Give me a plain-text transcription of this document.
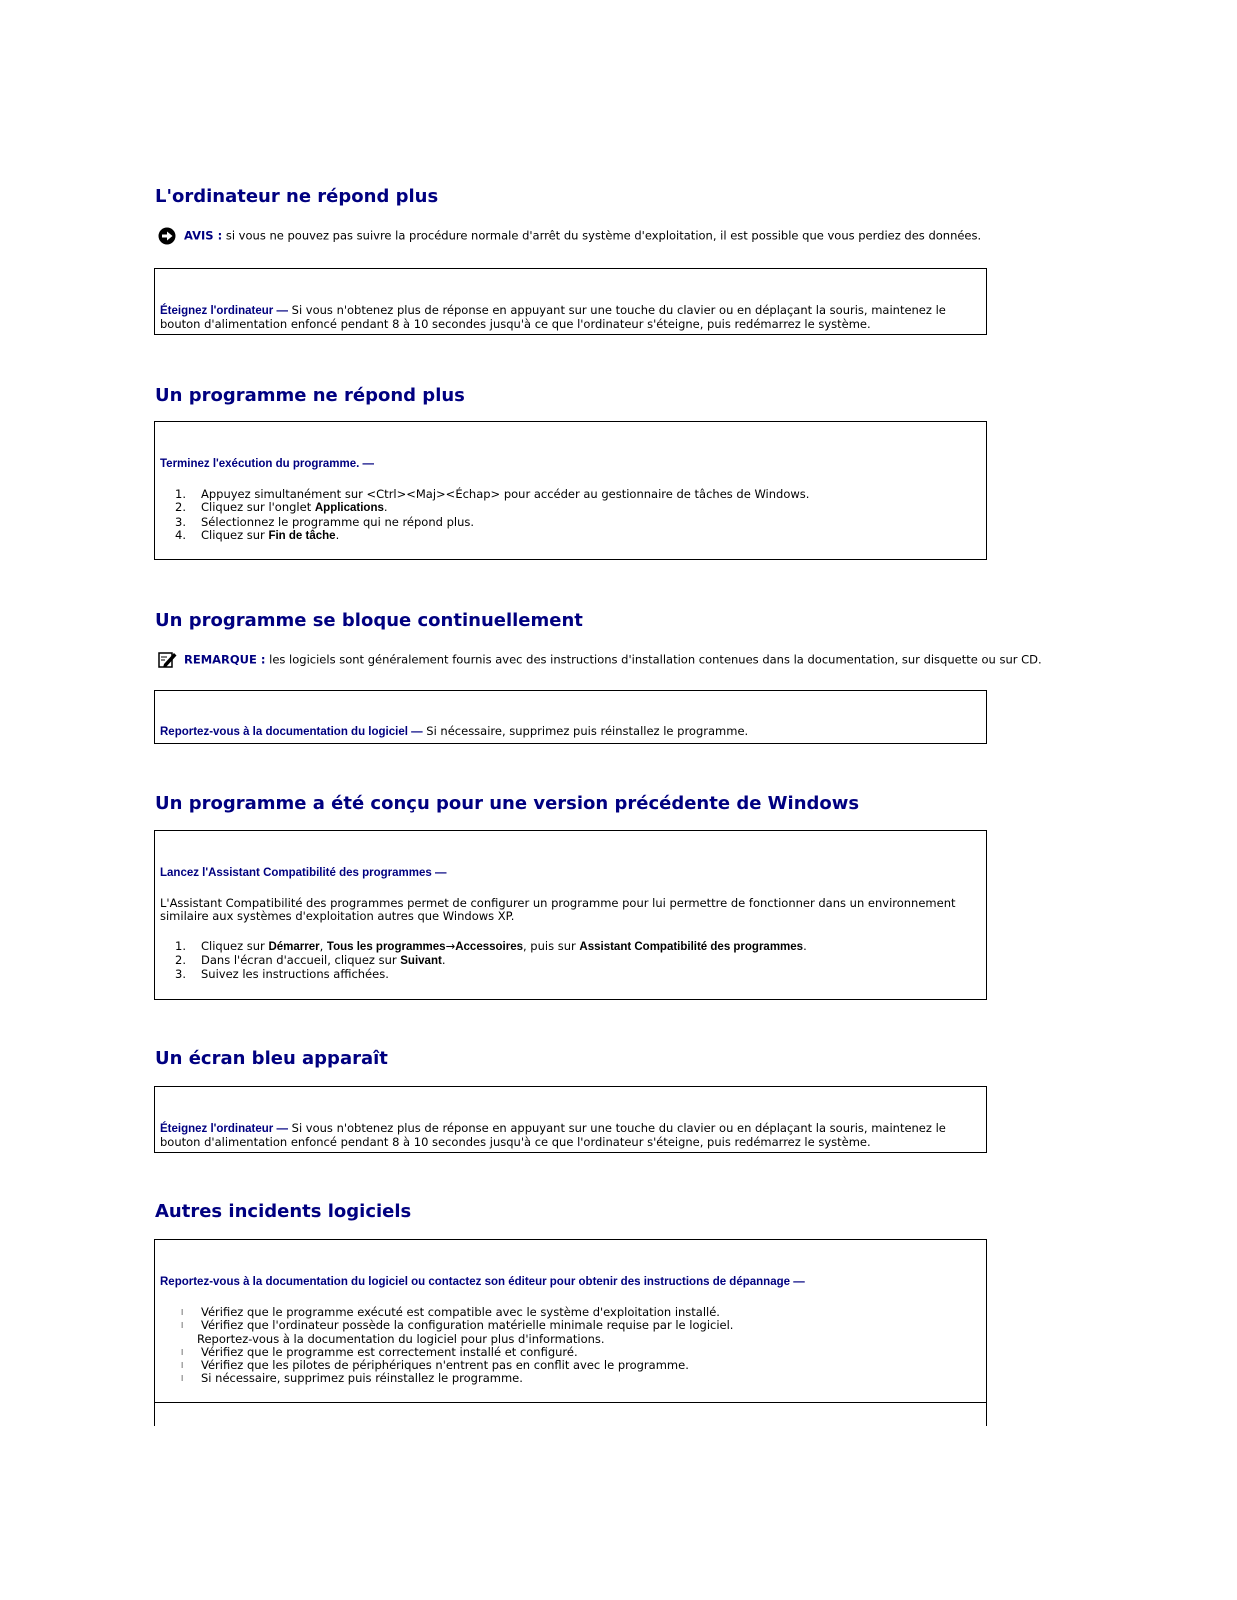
L'ordinateur ne répond plus

AVIS : si vous ne pouvez pas suivre la procédure normale d'arrêt du système d'exploitation, il est possible que vous perdiez des données.

Éteignez l'ordinateur — Si vous n'obtenez plus de réponse en appuyant sur une touche du clavier ou en déplaçant la souris, maintenez le
bouton d'alimentation enfoncé pendant 8 à 10 secondes jusqu'à ce que l'ordinateur s'éteigne, puis redémarrez le système.

Un programme ne répond plus

Terminez l'exécution du programme. —

1. Appuyez simultanément sur <Ctrl><Maj><Échap> pour accéder au gestionnaire de tâches de Windows.
2. Cliquez sur l'onglet Applications.
3. Sélectionnez le programme qui ne répond plus.
4. Cliquez sur Fin de tâche.
Un programme se bloque continuellement

REMARQUE : les logiciels sont généralement fournis avec des instructions d'installation contenues dans la documentation, sur disquette ou sur CD.

Reportez-vous à la documentation du logiciel — Si nécessaire, supprimez puis réinstallez le programme.

Un programme a été conçu pour une version précédente de Windows

Lancez l'Assistant Compatibilité des programmes —

L'Assistant Compatibilité des programmes permet de configurer un programme pour lui permettre de fonctionner dans un environnement
similaire aux systèmes d'exploitation autres que Windows XP.

1. Cliquez sur Démarrer, Tous les programmes→Accessoires, puis sur Assistant Compatibilité des programmes.
2. Dans l'écran d'accueil, cliquez sur Suivant.
3. Suivez les instructions affichées.
Un écran bleu apparaît

Éteignez l'ordinateur — Si vous n'obtenez plus de réponse en appuyant sur une touche du clavier ou en déplaçant la souris, maintenez le
bouton d'alimentation enfoncé pendant 8 à 10 secondes jusqu'à ce que l'ordinateur s'éteigne, puis redémarrez le système.

Autres incidents logiciels

Reportez-vous à la documentation du logiciel ou contactez son éditeur pour obtenir des instructions de dépannage —

l Vérifiez que le programme exécuté est compatible avec le système d'exploitation installé.
l Vérifiez que l'ordinateur possède la configuration matérielle minimale requise par le logiciel.
Reportez-vous à la documentation du logiciel pour plus d'informations.
l Vérifiez que le programme est correctement installé et configuré.
l Vérifiez que les pilotes de périphériques n'entrent pas en conflit avec le programme.
l Si nécessaire, supprimez puis réinstallez le programme.
